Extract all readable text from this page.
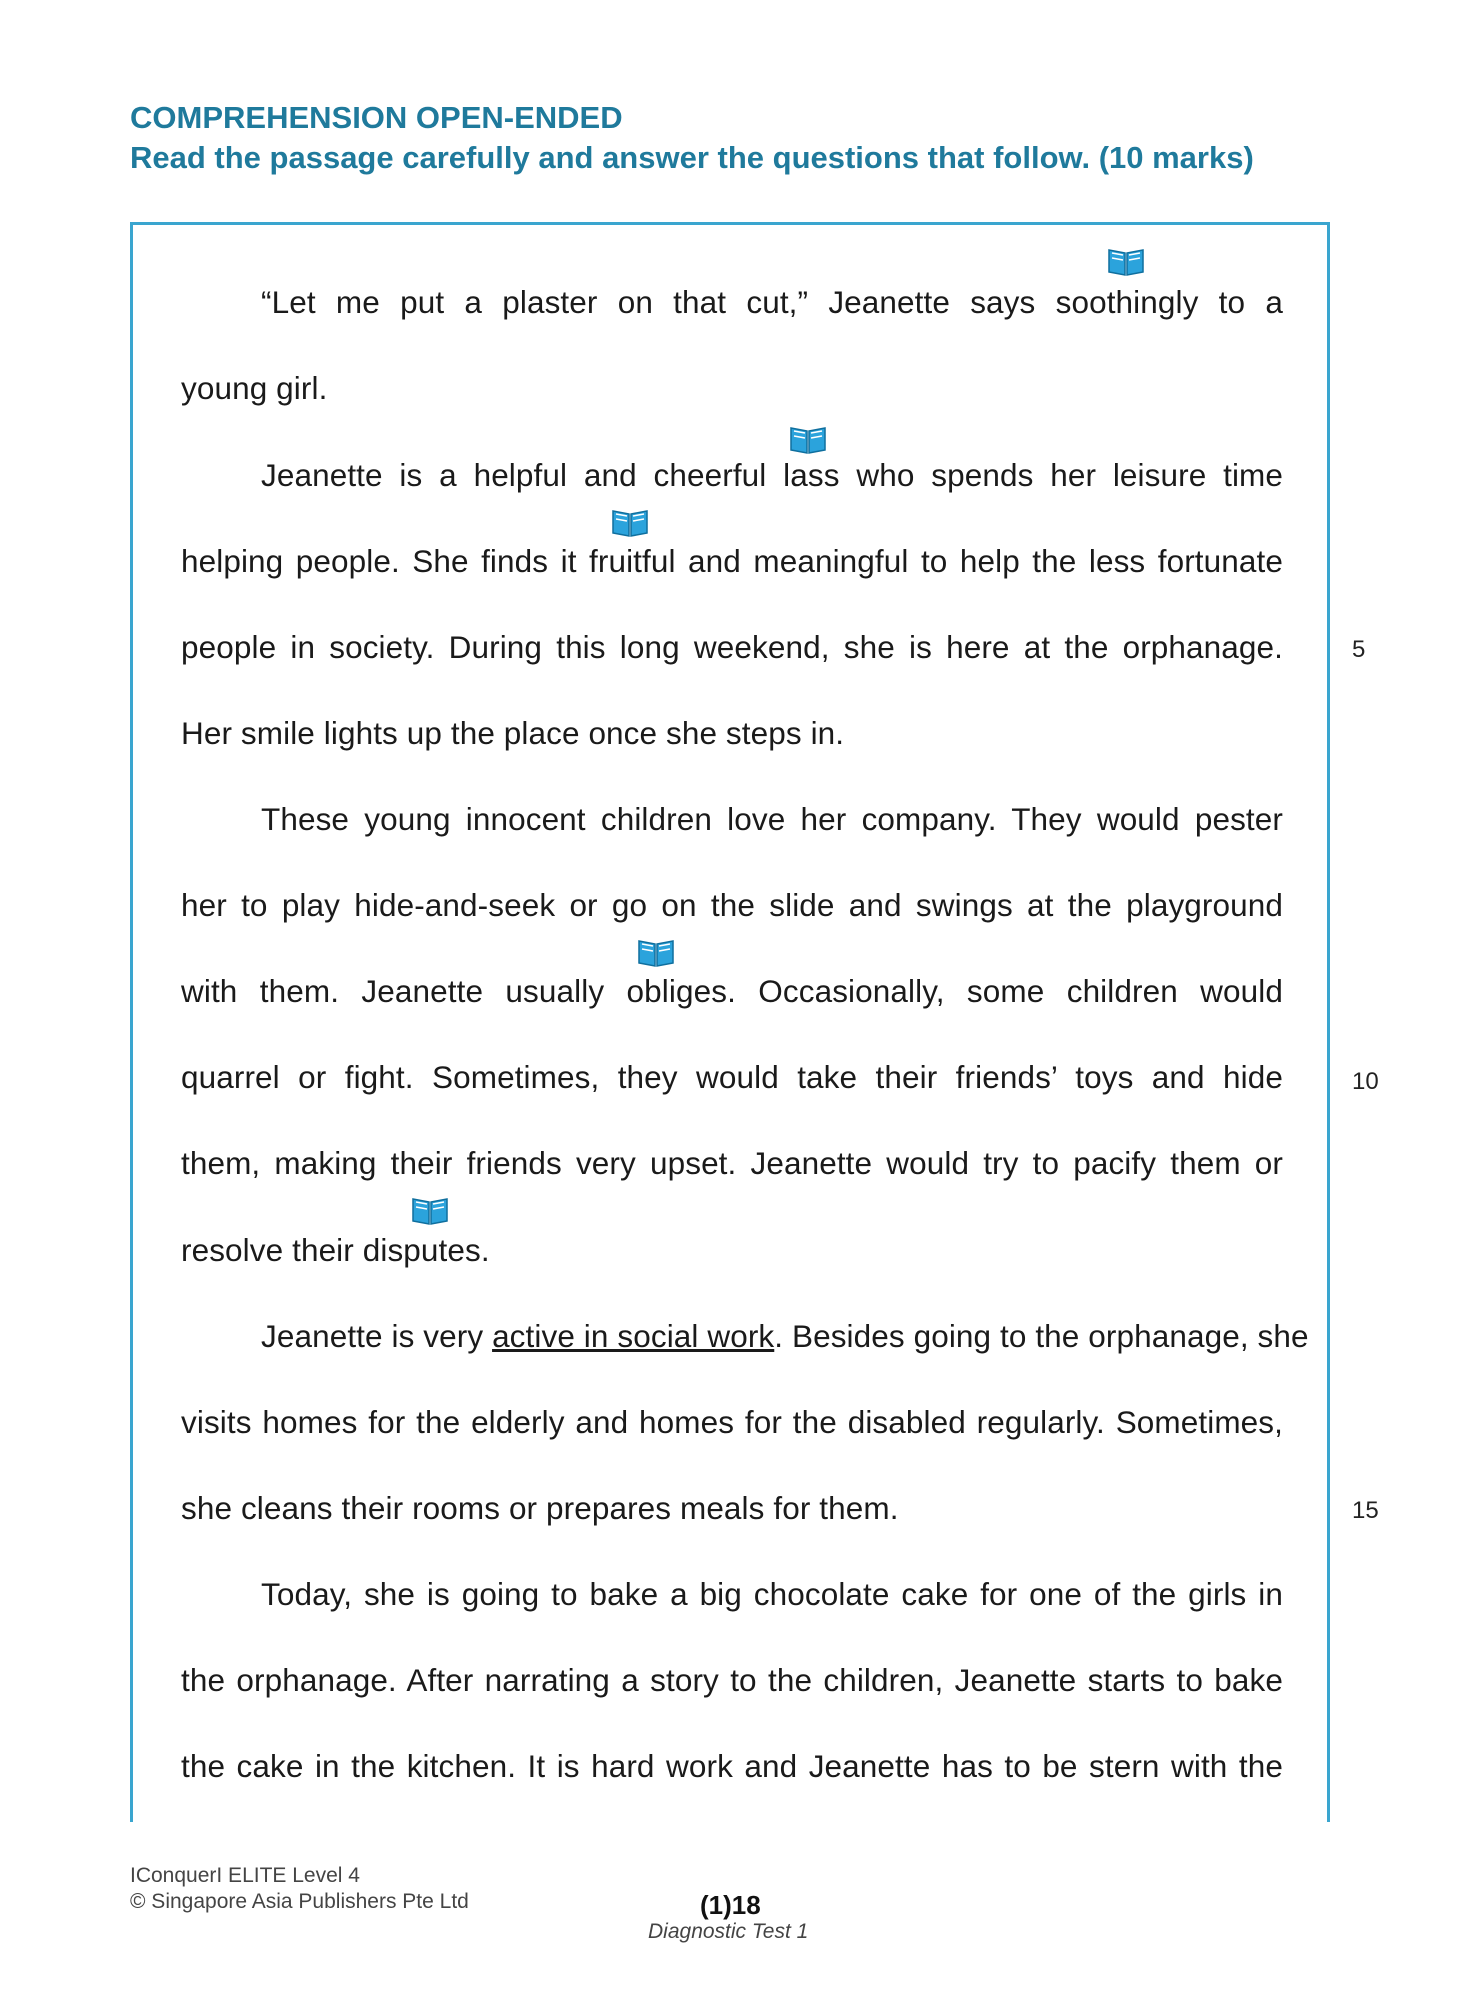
COMPREHENSION OPEN-ENDED
Read the passage carefully and answer the questions that follow. (10 marks)
“Let me put a plaster on that cut,” Jeanette says soothingly to a
young girl.
Jeanette is a helpful and cheerful lass who spends her leisure time
helping people. She finds it fruitful and meaningful to help the less fortunate
people in society. During this long weekend, she is here at the orphanage.
Her smile lights up the place once she steps in.
These young innocent children love her company. They would pester
her to play hide-and-seek or go on the slide and swings at the playground
with them. Jeanette usually obliges. Occasionally, some children would
quarrel or fight. Sometimes, they would take their friends’ toys and hide
them, making their friends very upset. Jeanette would try to pacify them or
resolve their disputes.
Jeanette is very active in social work. Besides going to the orphanage, she
visits homes for the elderly and homes for the disabled regularly. Sometimes,
she cleans their rooms or prepares meals for them.
Today, she is going to bake a big chocolate cake for one of the girls in
the orphanage. After narrating a story to the children, Jeanette starts to bake
the cake in the kitchen. It is hard work and Jeanette has to be stern with the
5
10
15
IConquerI ELITE Level 4
© Singapore Asia Publishers Pte Ltd	(1)18
Diagnostic Test 1
